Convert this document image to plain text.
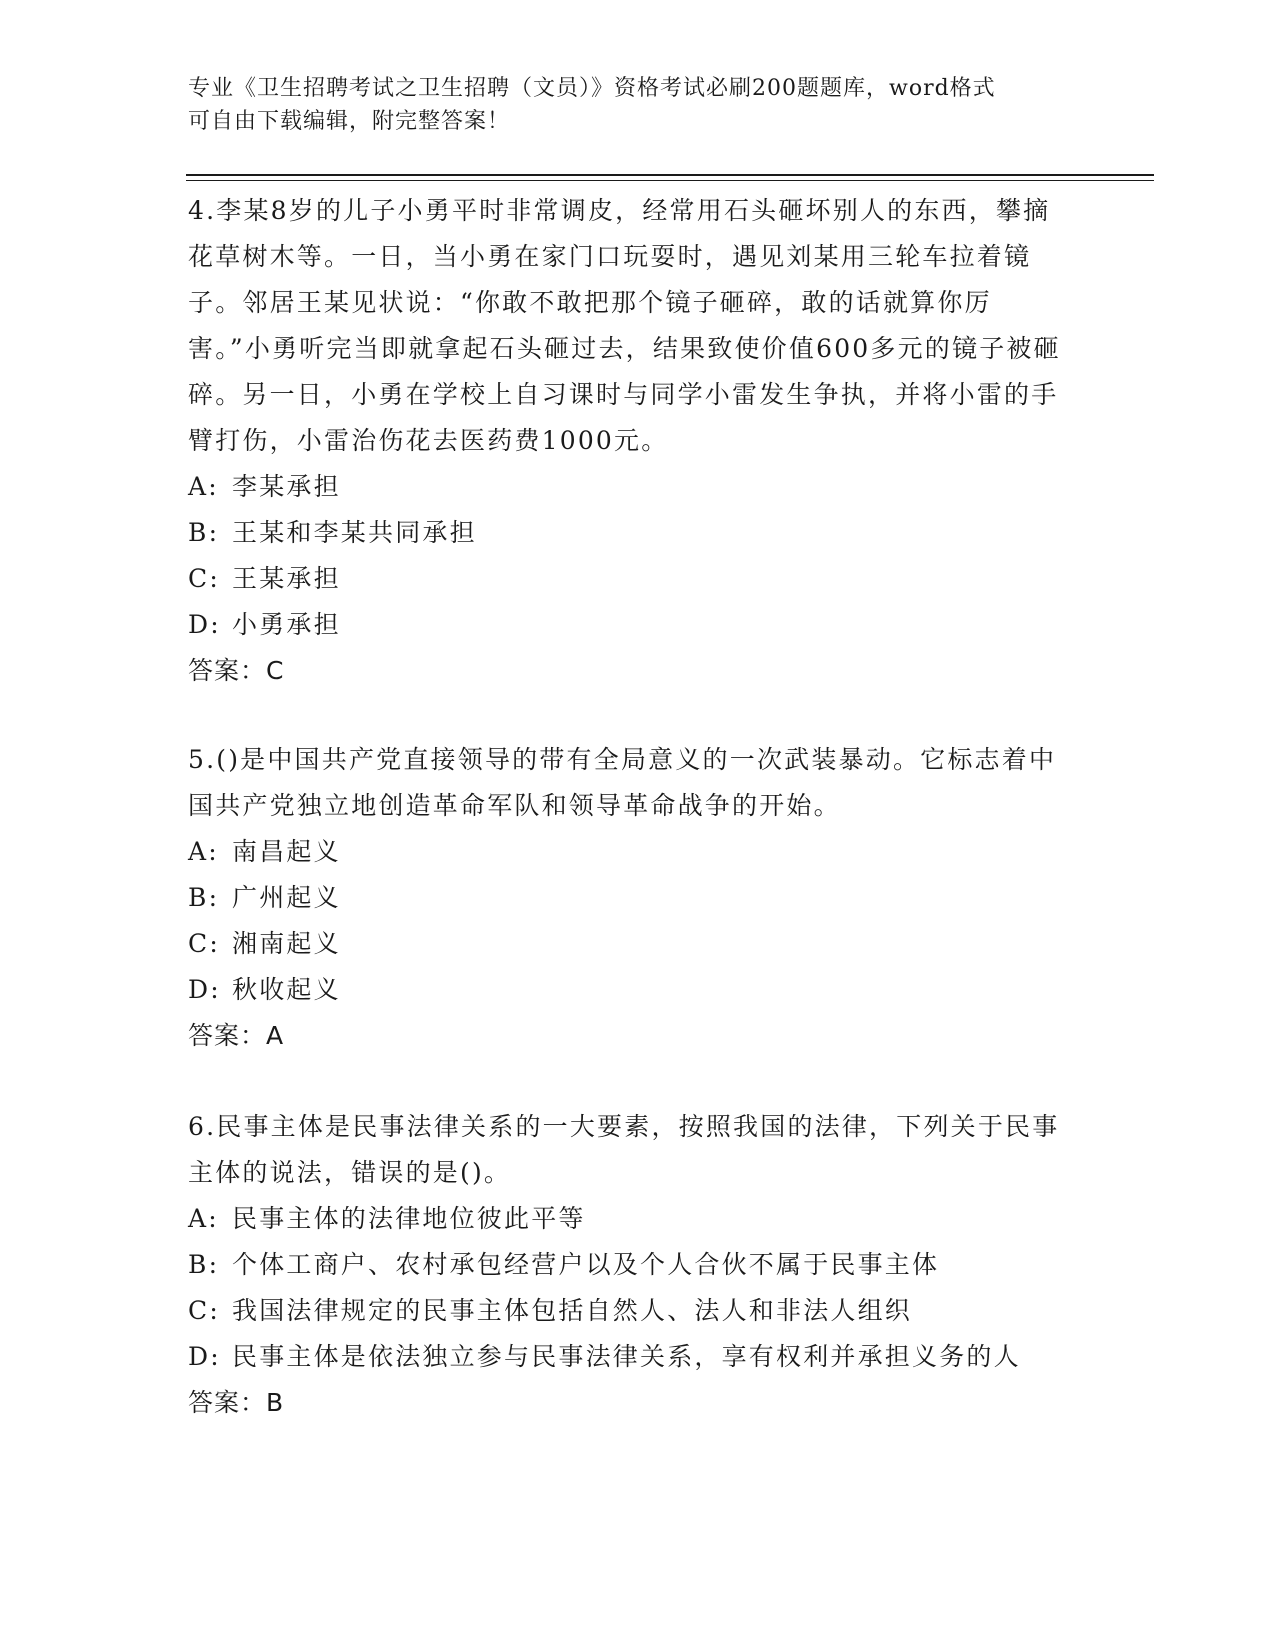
专业《卫生招聘考试之卫生招聘（文员）》资格考试必刷200题题库，word格式
可自由下载编辑，附完整答案！
4.李某8岁的儿子小勇平时非常调皮，经常用石头砸坏别人的东西，攀摘花草树木等。一日，当小勇在家门口玩耍时，遇见刘某用三轮车拉着镜子。邻居王某见状说：“你敢不敢把那个镜子砸碎，敢的话就算你厉害。”小勇听完当即就拿起石头砸过去，结果致使价值600多元的镜子被砸碎。另一日，小勇在学校上自习课时与同学小雷发生争执，并将小雷的手臂打伤，小雷治伤花去医药费1000元。
A: 李某承担
B: 王某和李某共同承担
C: 王某承担
D: 小勇承担
答案：C
5.()是中国共产党直接领导的带有全局意义的一次武装暴动。它标志着中国共产党独立地创造革命军队和领导革命战争的开始。
A: 南昌起义
B: 广州起义
C: 湘南起义
D: 秋收起义
答案：A
6.民事主体是民事法律关系的一大要素，按照我国的法律，下列关于民事主体的说法，错误的是()。
A: 民事主体的法律地位彼此平等
B: 个体工商户、农村承包经营户以及个人合伙不属于民事主体
C: 我国法律规定的民事主体包括自然人、法人和非法人组织
D: 民事主体是依法独立参与民事法律关系，享有权利并承担义务的人
答案：B
